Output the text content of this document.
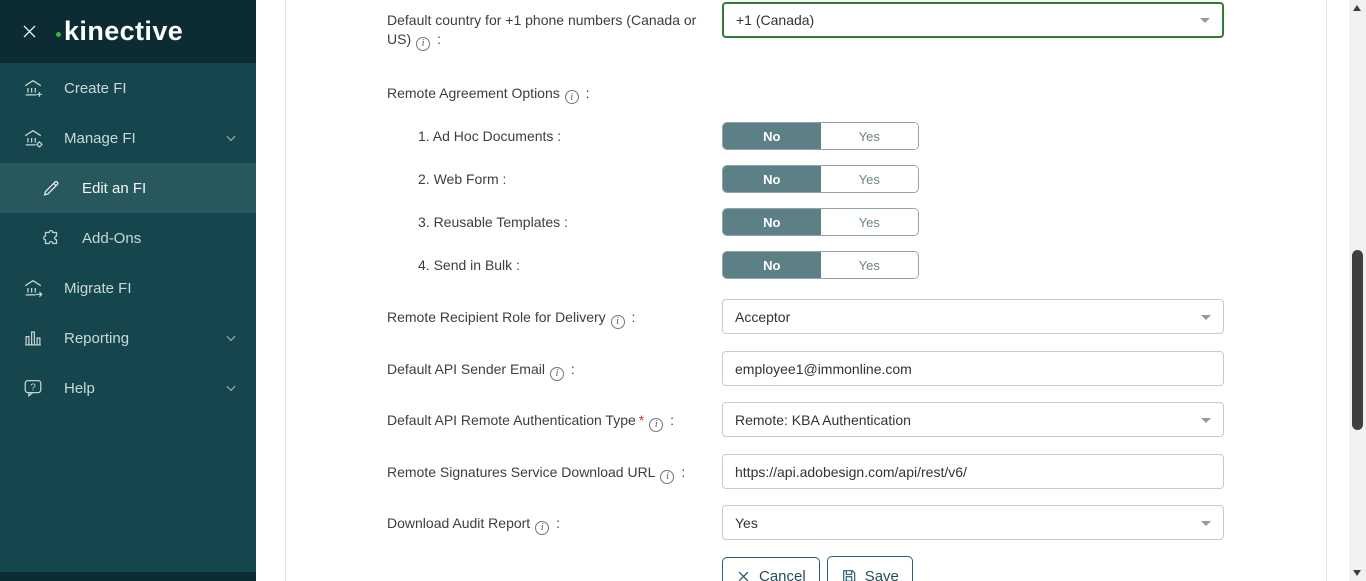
kinective
Create FI
Manage FI
Edit an FI
Add-Ons
Migrate FI
Reporting
? Help
Default country for +1 phone numbers (Canada or US) i :
+1 (Canada)
Remote Agreement Options i :
1. Ad Hoc Documents :	No	Yes
2. Web Form :	No	Yes
3. Reusable Templates :	No	Yes
4. Send in Bulk :	No	Yes
Remote Recipient Role for Delivery i :	Acceptor
Default API Sender Email i :
employee1@immonline.com
Default API Remote Authentication Type * i :	Remote: KBA Authentication
Remote Signatures Service Download URL i :
https://api.adobesign.com/api/rest/v6/
Download Audit Report i :	Yes
Cancel	Save
